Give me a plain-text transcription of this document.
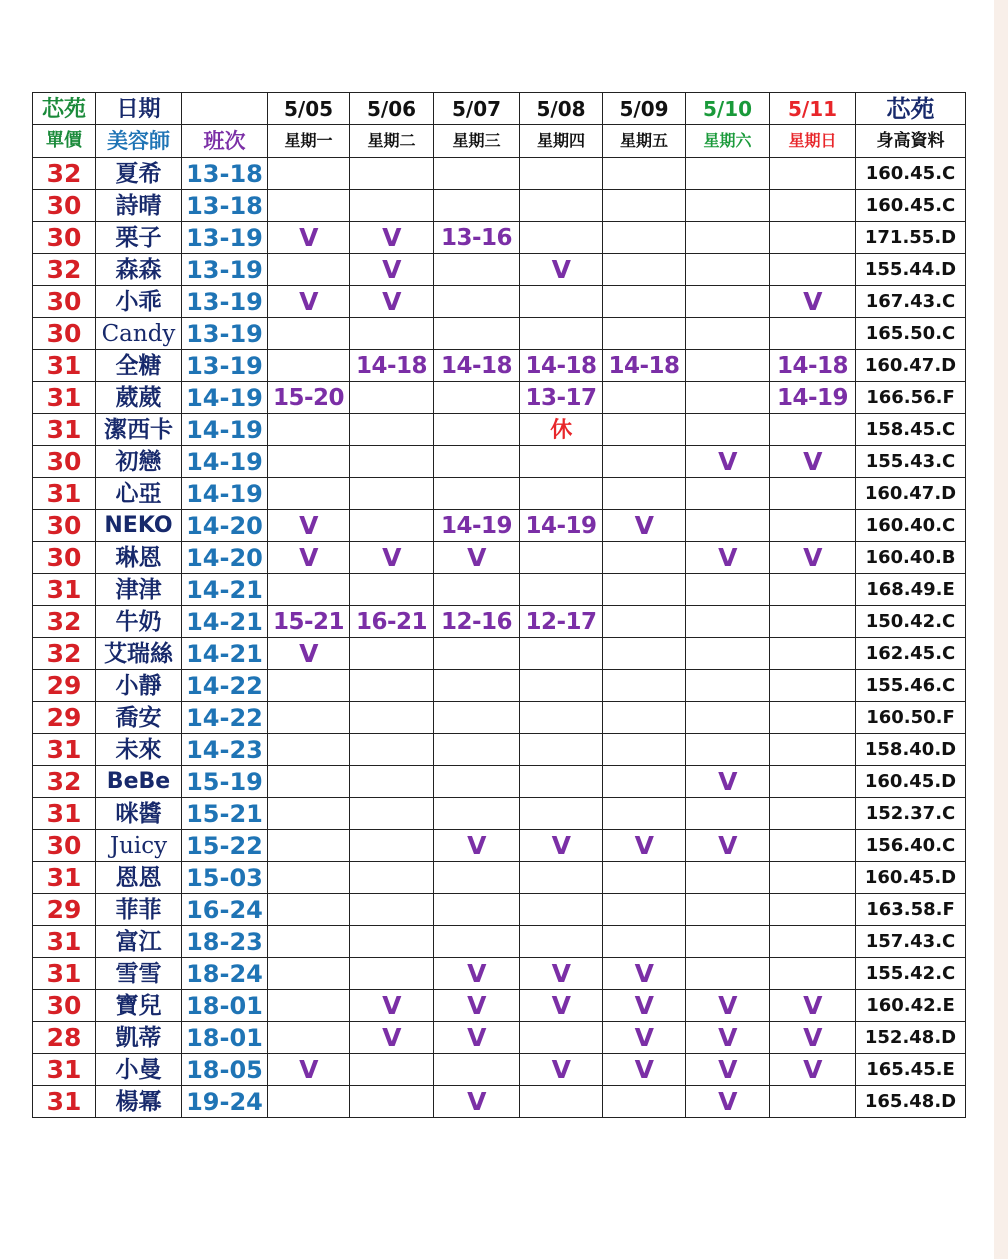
芯苑	日期		5/05	5/06	5/07	5/08	5/09	5/10	5/11	芯苑
單價	美容師	班次	星期一	星期二	星期三	星期四	星期五	星期六	星期日	身高資料
32	夏希	13-18								160.45.C
30	詩晴	13-18								160.45.C
30	栗子	13-19	V	V	13-16					171.55.D
32	森森	13-19		V		V				155.44.D
30	小乖	13-19	V	V					V	167.43.C
30	Candy	13-19								165.50.C
31	全糖	13-19		14-18	14-18	14-18	14-18		14-18	160.47.D
31	葳葳	14-19	15-20			13-17			14-19	166.56.F
31	潔西卡	14-19				休				158.45.C
30	初戀	14-19						V	V	155.43.C
31	心亞	14-19								160.47.D
30	NEKO	14-20	V		14-19	14-19	V			160.40.C
30	琳恩	14-20	V	V	V			V	V	160.40.B
31	津津	14-21								168.49.E
32	牛奶	14-21	15-21	16-21	12-16	12-17				150.42.C
32	艾瑞絲	14-21	V							162.45.C
29	小靜	14-22								155.46.C
29	喬安	14-22								160.50.F
31	未來	14-23								158.40.D
32	BeBe	15-19						V		160.45.D
31	咪醬	15-21								152.37.C
30	Juicy	15-22			V	V	V	V		156.40.C
31	恩恩	15-03								160.45.D
29	菲菲	16-24								163.58.F
31	富江	18-23								157.43.C
31	雪雪	18-24			V	V	V			155.42.C
30	寶兒	18-01		V	V	V	V	V	V	160.42.E
28	凱蒂	18-01		V	V		V	V	V	152.48.D
31	小曼	18-05	V			V	V	V	V	165.45.E
31	楊冪	19-24			V			V		165.48.D
